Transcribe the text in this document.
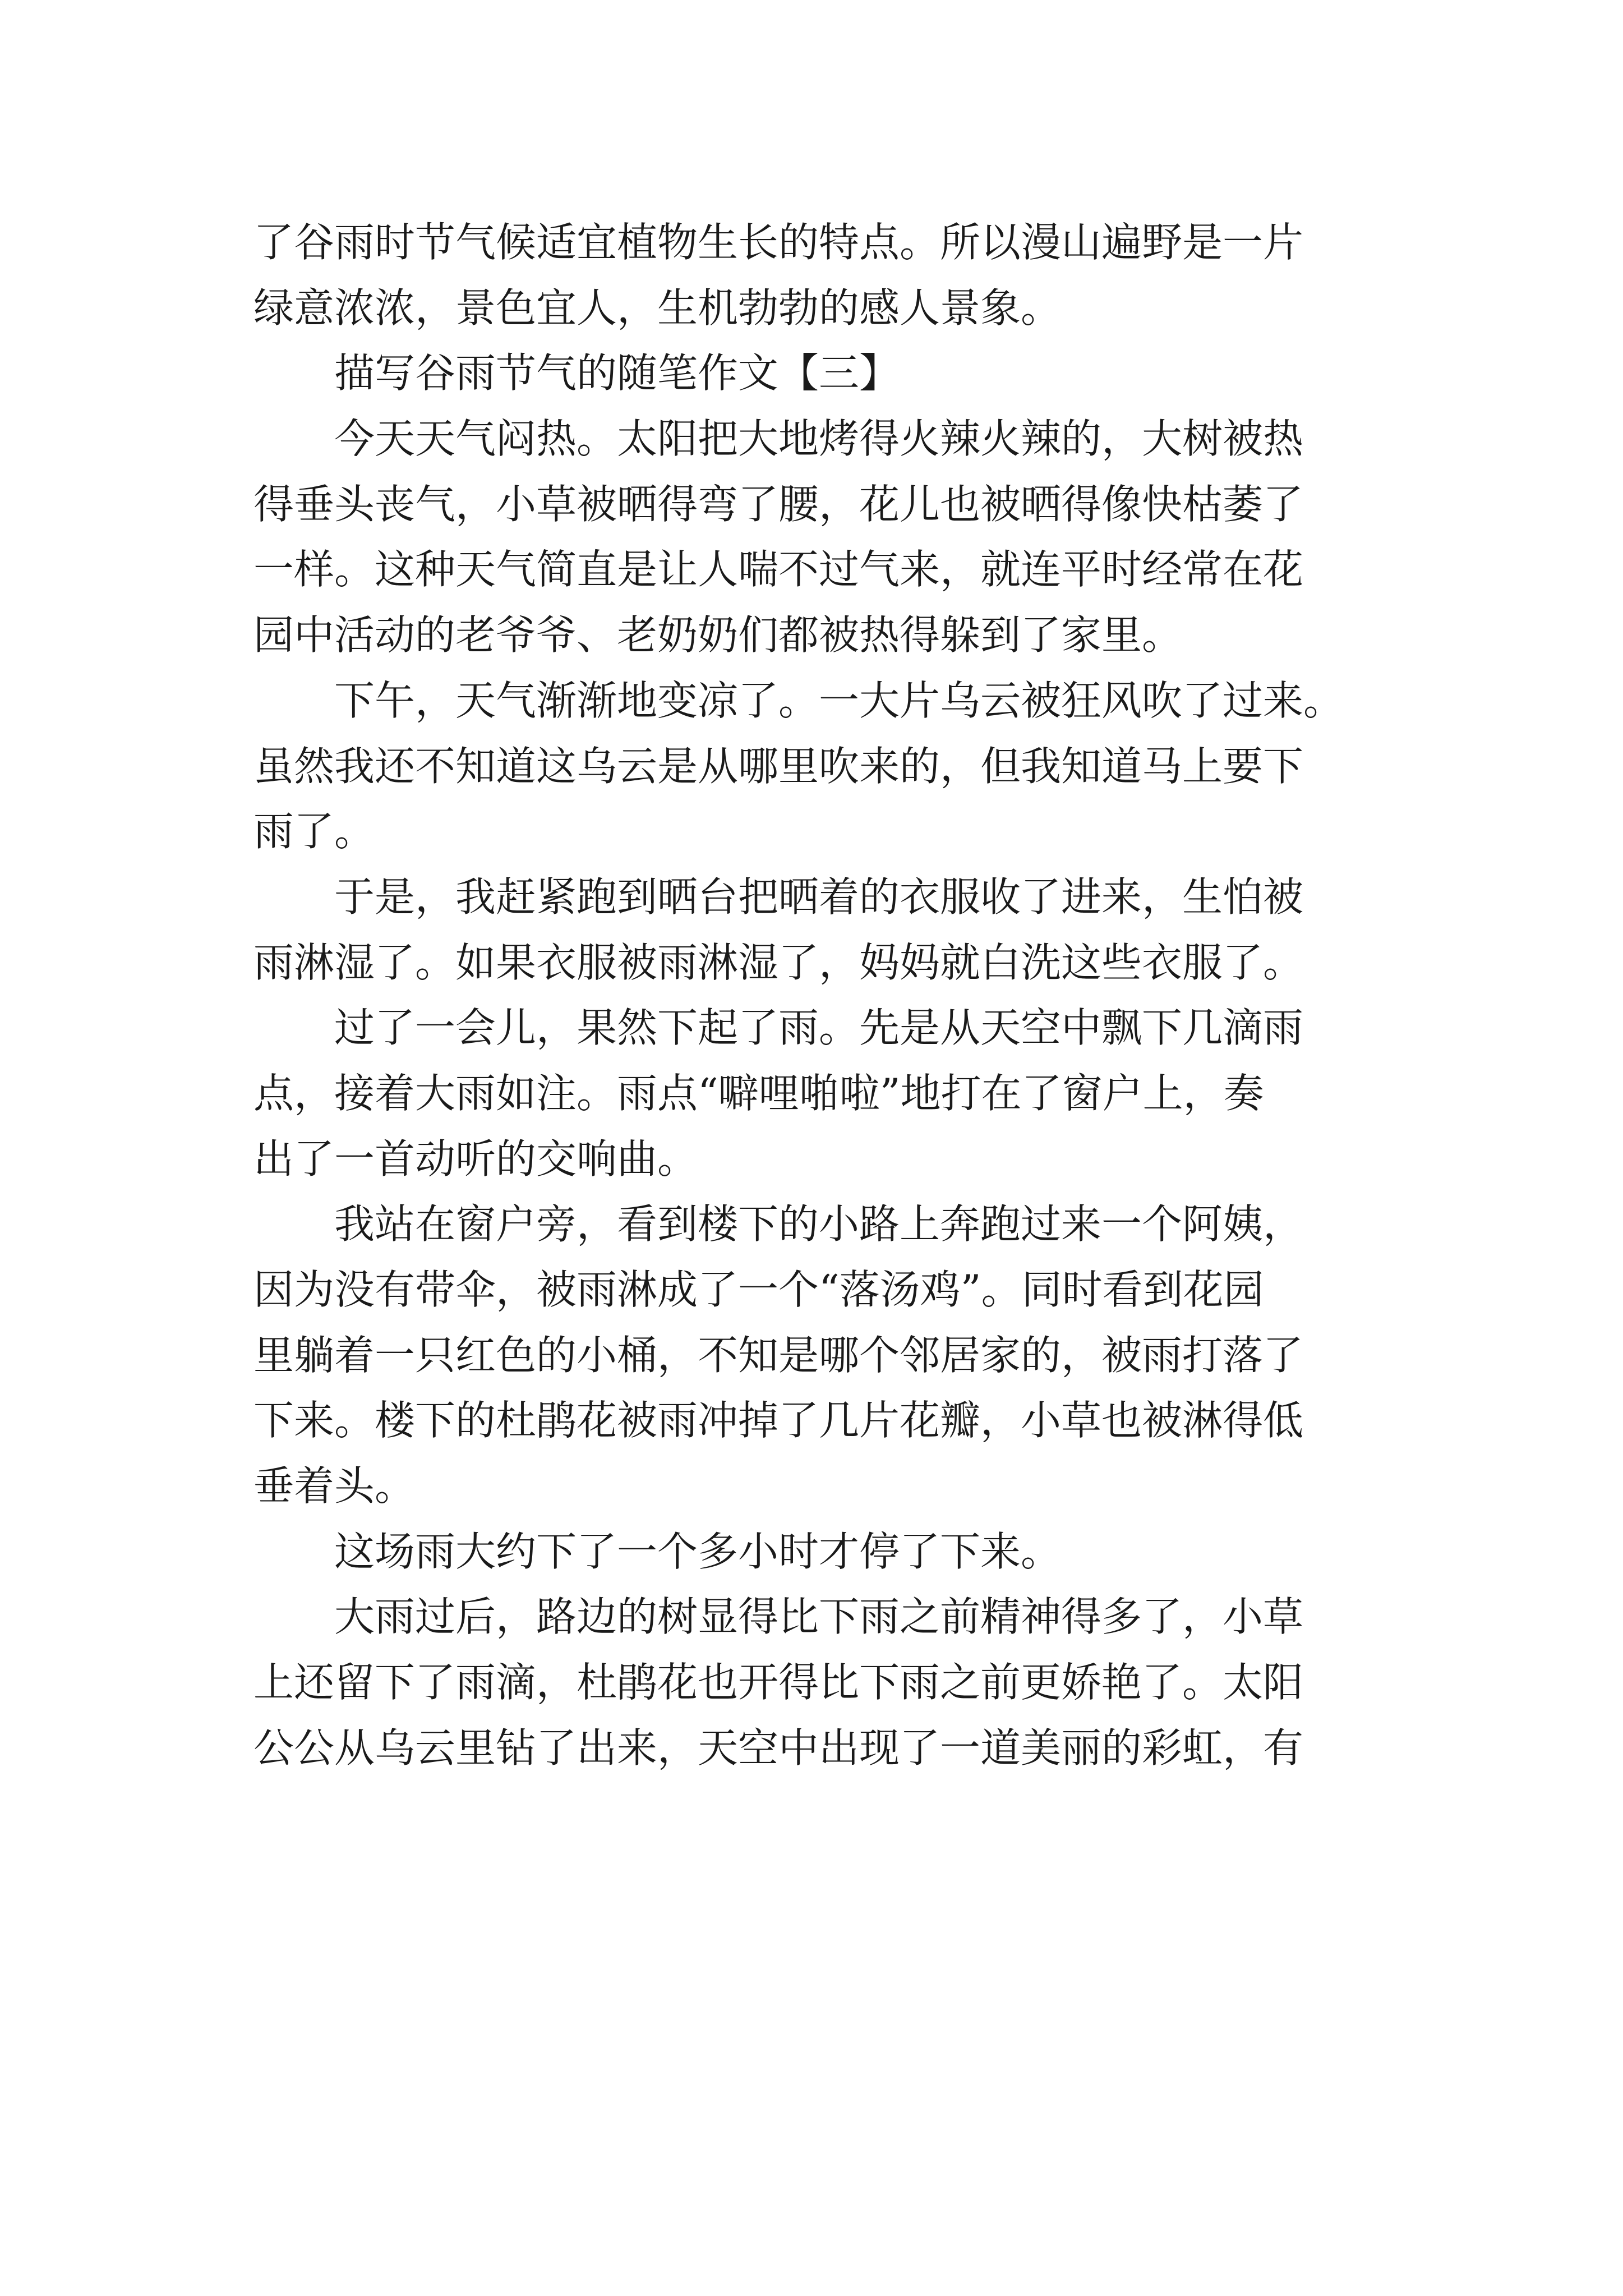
了谷雨时节气候适宜植物生长的特点。所以漫山遍野是一片
绿意浓浓，景色宜人，生机勃勃的感人景象。
　　描写谷雨节气的随笔作文【三】
　　今天天气闷热。太阳把大地烤得火辣火辣的，大树被热
得垂头丧气，小草被晒得弯了腰，花儿也被晒得像快枯萎了
一样。这种天气简直是让人喘不过气来，就连平时经常在花
园中活动的老爷爷、老奶奶们都被热得躲到了家里。
　　下午，天气渐渐地变凉了。一大片乌云被狂风吹了过来。
虽然我还不知道这乌云是从哪里吹来的，但我知道马上要下
雨了。
　　于是，我赶紧跑到晒台把晒着的衣服收了进来，生怕被
雨淋湿了。如果衣服被雨淋湿了，妈妈就白洗这些衣服了。
　　过了一会儿，果然下起了雨。先是从天空中飘下几滴雨
点，接着大雨如注。雨点“噼哩啪啦”地打在了窗户上，奏
出了一首动听的交响曲。
　　我站在窗户旁，看到楼下的小路上奔跑过来一个阿姨，
因为没有带伞，被雨淋成了一个“落汤鸡”。同时看到花园
里躺着一只红色的小桶，不知是哪个邻居家的，被雨打落了
下来。楼下的杜鹃花被雨冲掉了几片花瓣，小草也被淋得低
垂着头。
　　这场雨大约下了一个多小时才停了下来。
　　大雨过后，路边的树显得比下雨之前精神得多了，小草
上还留下了雨滴，杜鹃花也开得比下雨之前更娇艳了。太阳
公公从乌云里钻了出来，天空中出现了一道美丽的彩虹，有
